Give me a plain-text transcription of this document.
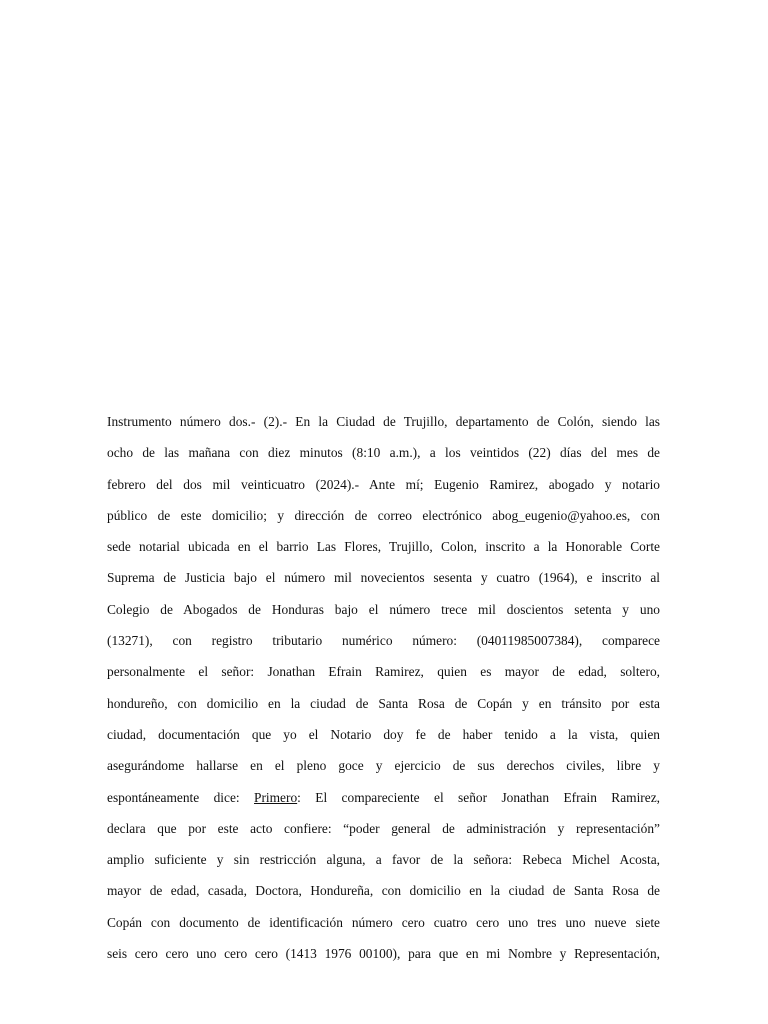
Instrumento número dos.- (2).- En la Ciudad de Trujillo, departamento de Colón, siendo las
ocho de las mañana con diez minutos (8:10 a.m.), a los veintidos (22) días del mes de
febrero del dos mil veinticuatro (2024).- Ante mí; Eugenio Ramirez, abogado y notario
público de este domicilio; y dirección de correo electrónico abog_eugenio@yahoo.es, con
sede notarial ubicada en el barrio Las Flores, Trujillo, Colon, inscrito a la Honorable Corte
Suprema de Justicia bajo el número mil novecientos sesenta y cuatro (1964), e inscrito al
Colegio de Abogados de Honduras bajo el número trece mil doscientos setenta y uno
(13271), con registro tributario numérico número: (04011985007384), comparece
personalmente el señor: Jonathan Efrain Ramirez, quien es mayor de edad, soltero,
hondureño, con domicilio en la ciudad de Santa Rosa de Copán y en tránsito por esta
ciudad, documentación que yo el Notario doy fe de haber tenido a la vista, quien
asegurándome hallarse en el pleno goce y ejercicio de sus derechos civiles, libre y
espontáneamente dice: Primero: El compareciente el señor Jonathan Efrain Ramirez,
declara que por este acto confiere: “poder general de administración y representación”
amplio suficiente y sin restricción alguna, a favor de la señora: Rebeca Michel Acosta,
mayor de edad, casada, Doctora, Hondureña, con domicilio en la ciudad de Santa Rosa de
Copán con documento de identificación número cero cuatro cero uno tres uno nueve siete
seis cero cero uno cero cero (1413 1976 00100), para que en mi Nombre y Representación,
